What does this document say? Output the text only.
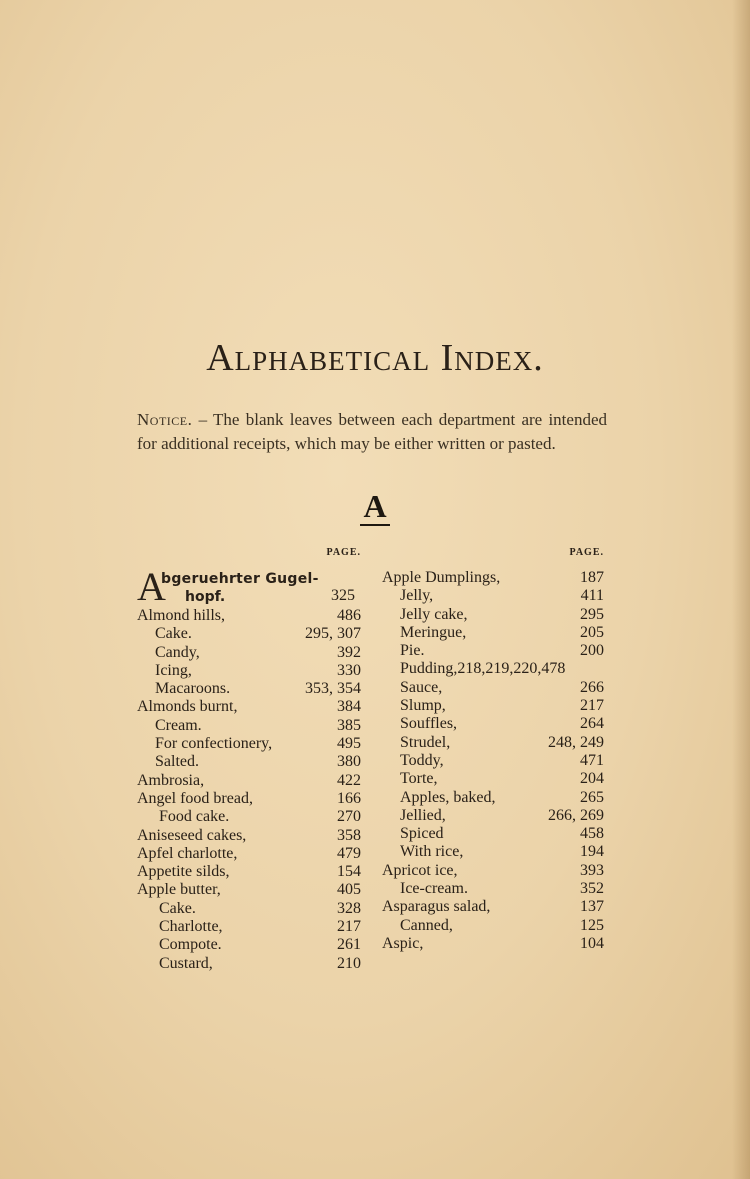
Alphabetical Index.
Notice. – The blank leaves between each department are intended for additional receipts, which may be either written or pasted.
A
PAGE.
A
bgeruehrter Gugel-
hopf.	325
Almond hills,	486
Cake.	295, 307
Candy,	392
Icing,	330
Macaroons.	353, 354
Almonds burnt,	384
Cream.	385
For confectionery,	495
Salted.	380
Ambrosia,	422
Angel food bread,	166
Food cake.	270
Aniseseed cakes,	358
Apfel charlotte,	479
Appetite silds,	154
Apple butter,	405
Cake.	328
Charlotte,	217
Compote.	261
Custard,	210
PAGE.
Apple Dumplings,	187
Jelly,	411
Jelly cake,	295
Meringue,	205
Pie.	200
Pudding,218,219,220,478
Sauce,	266
Slump,	217
Souffles,	264
Strudel,	248, 249
Toddy,	471
Torte,	204
Apples, baked,	265
Jellied,	266, 269
Spiced	458
With rice,	194
Apricot ice,	393
Ice-cream.	352
Asparagus salad,	137
Canned,	125
Aspic,	104
